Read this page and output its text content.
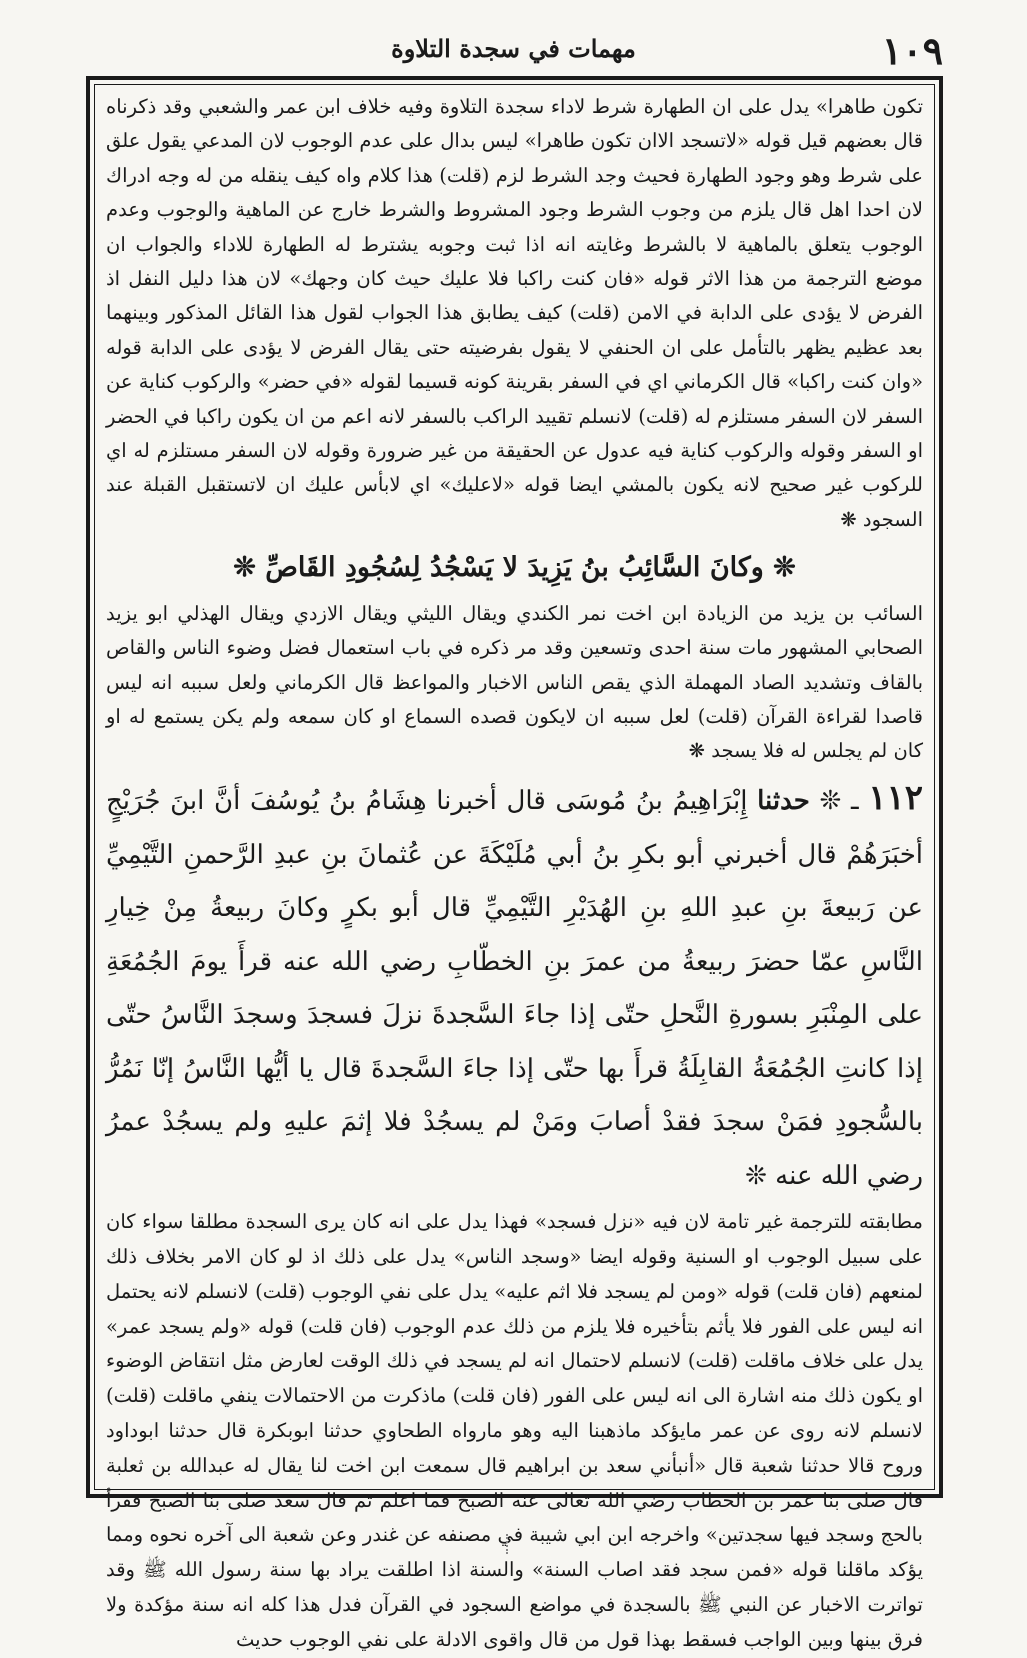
١٠٩
مهمات في سجدة التلاوة

تكون طاهرا» يدل على ان الطهارة شرط لاداء سجدة التلاوة وفيه خلاف ابن عمر والشعبي وقد ذكرناه قال بعضهم قيل قوله «لاتسجد الاان تكون طاهرا» ليس بدال على عدم الوجوب لان المدعي يقول علق على شرط وهو وجود الطهارة فحيث وجد الشرط لزم (قلت) هذا كلام واه كيف ينقله من له وجه ادراك لان احدا اهل قال يلزم من وجوب الشرط وجود المشروط والشرط خارج عن الماهية والوجوب وعدم الوجوب يتعلق بالماهية لا بالشرط وغايته انه اذا ثبت وجوبه يشترط له الطهارة للاداء والجواب ان موضع الترجمة من هذا الاثر قوله «فان كنت راكبا فلا عليك حيث كان وجهك» لان هذا دليل النفل اذ الفرض لا يؤدى على الدابة في الامن (قلت) كيف يطابق هذا الجواب لقول هذا القائل المذكور وبينهما بعد عظيم يظهر بالتأمل على ان الحنفي لا يقول بفرضيته حتى يقال الفرض لا يؤدى على الدابة قوله «وان كنت راكبا» قال الكرماني اي في السفر بقرينة كونه قسيما لقوله «في حضر» والركوب كناية عن السفر لان السفر مستلزم له (قلت) لانسلم تقييد الراكب بالسفر لانه اعم من ان يكون راكبا في الحضر او السفر وقوله والركوب كناية فيه عدول عن الحقيقة من غير ضرورة وقوله لان السفر مستلزم له اي للركوب غير صحيح لانه يكون بالمشي ايضا قوله «لاعليك» اي لابأس عليك ان لاتستقبل القبلة عند السجود ❋

❊ وكانَ السَّائِبُ بنُ يَزِيدَ لا يَسْجُدُ لِسُجُودِ القَاصِّ ❊

السائب بن يزيد من الزيادة ابن اخت نمر الكندي ويقال الليثي ويقال الازدي ويقال الهذلي ابو يزيد الصحابي المشهور مات سنة احدى وتسعين وقد مر ذكره في باب استعمال فضل وضوء الناس والقاص بالقاف وتشديد الصاد المهملة الذي يقص الناس الاخبار والمواعظ قال الكرماني ولعل سببه انه ليس قاصدا لقراءة القرآن (قلت) لعل سببه ان لايكون قصده السماع او كان سمعه ولم يكن يستمع له او كان لم يجلس له فلا يسجد ❋

١١٢ ـ ❊ حدثنا إِبْرَاهِيمُ بنُ مُوسَى قال أخبرنا هِشَامُ بنُ يُوسُفَ أنَّ ابنَ جُرَيْجٍ أخبَرَهُمْ قال أخبرني أبو بكرِ بنُ أبي مُلَيْكَةَ عن عُثمانَ بنِ عبدِ الرَّحمنِ التَّيْمِيِّ عن رَبيعةَ بنِ عبدِ اللهِ بنِ الهُدَيْرِ التَّيْمِيِّ قال أبو بكرٍ وكانَ ربيعةُ مِنْ خِيارِ النَّاسِ عمّا حضرَ ربيعةُ من عمرَ بنِ الخطّابِ رضي الله عنه قرأَ يومَ الجُمُعَةِ على المِنْبَرِ بسورةِ النَّحلِ حتّى إذا جاءَ السَّجدةَ نزلَ فسجدَ وسجدَ النَّاسُ حتّى إذا كانتِ الجُمُعَةُ القابِلَةُ قرأَ بها حتّى إذا جاءَ السَّجدةَ قال يا أيُّها النَّاسُ إنّا نَمُرُّ بالسُّجودِ فمَنْ سجدَ فقدْ أصابَ ومَنْ لم يسجُدْ فلا إثمَ عليهِ ولم يسجُدْ عمرُ رضي الله عنه ❊

مطابقته للترجمة غير تامة لان فيه «نزل فسجد» فهذا يدل على انه كان يرى السجدة مطلقا سواء كان على سبيل الوجوب او السنية وقوله ايضا «وسجد الناس» يدل على ذلك اذ لو كان الامر بخلاف ذلك لمنعهم (فان قلت) قوله «ومن لم يسجد فلا اثم عليه» يدل على نفي الوجوب (قلت) لانسلم لانه يحتمل انه ليس على الفور فلا يأثم بتأخيره فلا يلزم من ذلك عدم الوجوب (فان قلت) قوله «ولم يسجد عمر» يدل على خلاف ماقلت (قلت) لانسلم لاحتمال انه لم يسجد في ذلك الوقت لعارض مثل انتقاض الوضوء او يكون ذلك منه اشارة الى انه ليس على الفور (فان قلت) ماذكرت من الاحتمالات ينفي ماقلت (قلت) لانسلم لانه روى عن عمر مايؤكد ماذهبنا اليه وهو مارواه الطحاوي حدثنا ابوبكرة قال حدثنا ابوداود وروح قالا حدثنا شعبة قال «أنبأني سعد بن ابراهيم قال سمعت ابن اخت لنا يقال له عبدالله بن ثعلبة قال صلى بنا عمر بن الخطاب رضي الله تعالى عنه الصبح فما اعلم ثم قال سعد صلى بنا الصبح فقرأ بالحج وسجد فيها سجدتين» واخرجه ابن ابي شيبة في مصنفه عن غندر وعن شعبة الى آخره نحوه ومما يؤكد ماقلنا قوله «فمن سجد فقد اصاب السنة» والسنة اذا اطلقت يراد بها سنة رسول الله ﷺ وقد تواترت الاخبار عن النبي ﷺ بالسجدة في مواضع السجود في القرآن فدل هذا كله انه سنة مؤكدة ولا فرق بينها وبين الواجب فسقط بهذا قول من قال واقوى الادلة على نفي الوجوب حديث
